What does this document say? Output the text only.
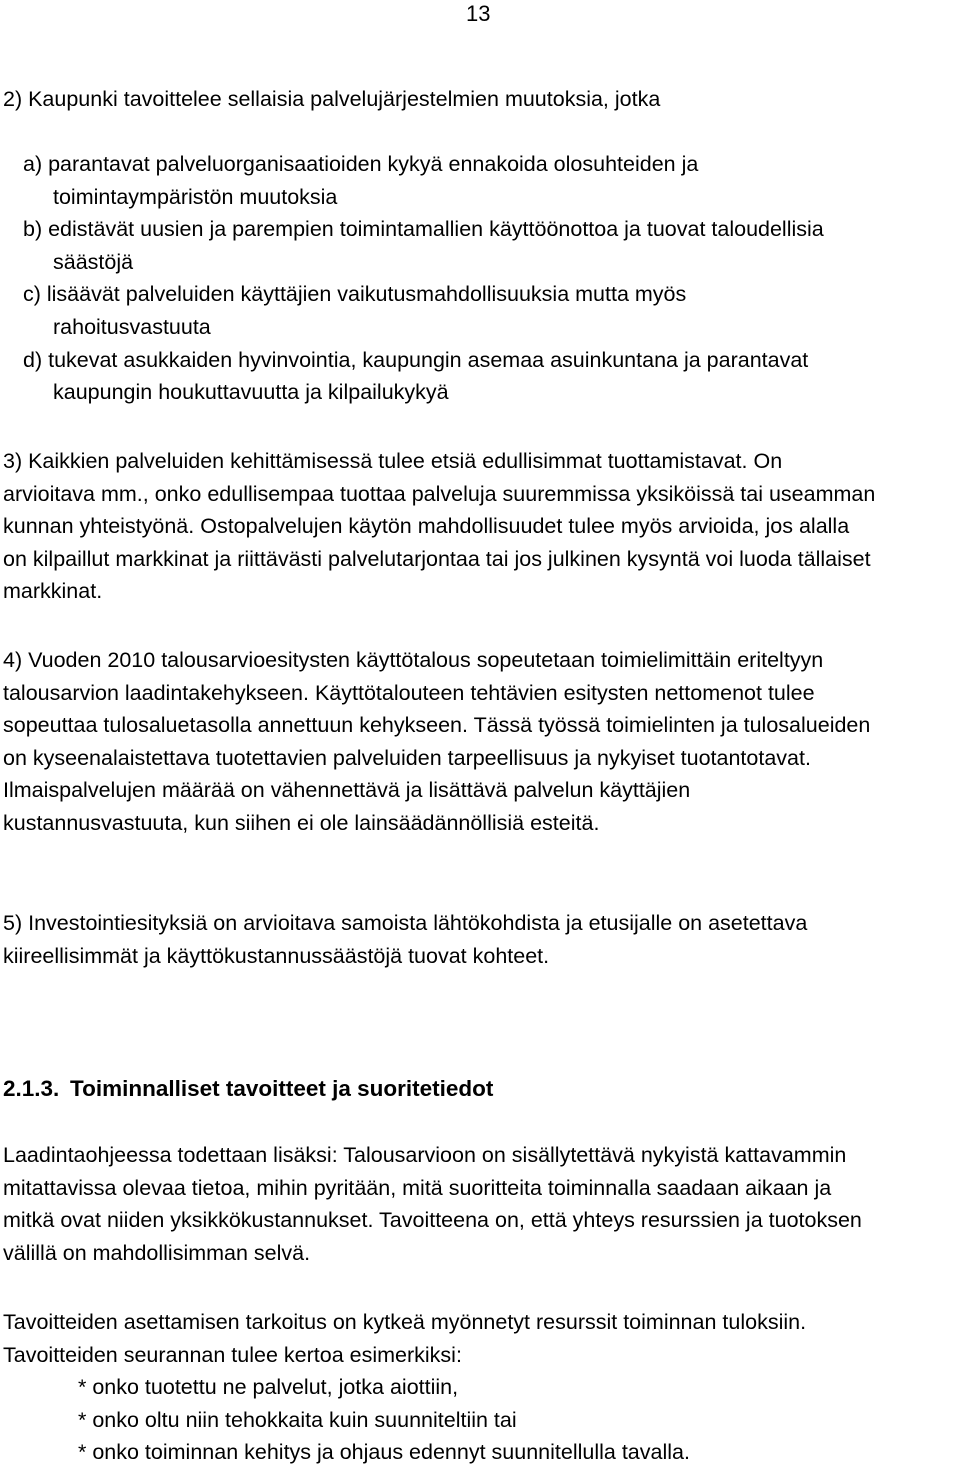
13
2) Kaupunki tavoittelee sellaisia palvelujärjestelmien muutoksia, jotka
a) parantavat palveluorganisaatioiden kykyä ennakoida olosuhteiden ja
toimintaympäristön muutoksia
b) edistävät uusien ja parempien toimintamallien käyttöönottoa ja tuovat taloudellisia
säästöjä
c) lisäävät palveluiden käyttäjien vaikutusmahdollisuuksia mutta myös
rahoitusvastuuta
d) tukevat asukkaiden hyvinvointia, kaupungin asemaa asuinkuntana ja parantavat
kaupungin houkuttavuutta ja kilpailukykyä
3) Kaikkien palveluiden kehittämisessä tulee etsiä edullisimmat tuottamistavat. On
arvioitava mm., onko edullisempaa tuottaa palveluja suuremmissa yksiköissä tai useamman
kunnan yhteistyönä. Ostopalvelujen käytön mahdollisuudet tulee myös arvioida, jos alalla
on kilpaillut markkinat ja riittävästi palvelutarjontaa tai jos julkinen kysyntä voi luoda tällaiset
markkinat.
4) Vuoden 2010 talousarvioesitysten käyttötalous sopeutetaan toimielimittäin eriteltyyn
talousarvion laadintakehykseen. Käyttötalouteen tehtävien esitysten nettomenot tulee
sopeuttaa tulosaluetasolla annettuun kehykseen. Tässä työssä toimielinten ja tulosalueiden
on kyseenalaistettava tuotettavien palveluiden tarpeellisuus ja nykyiset tuotantotavat.
Ilmaispalvelujen määrää on vähennettävä ja lisättävä palvelun käyttäjien
kustannusvastuuta, kun siihen ei ole lainsäädännöllisiä esteitä.
5) Investointiesityksiä on arvioitava samoista lähtökohdista ja etusijalle on asetettava
kiireellisimmät ja käyttökustannussäästöjä tuovat kohteet.
2.1.3. Toiminnalliset tavoitteet ja suoritetiedot
Laadintaohjeessa todettaan lisäksi: Talousarvioon on sisällytettävä nykyistä kattavammin
mitattavissa olevaa tietoa, mihin pyritään, mitä suoritteita toiminnalla saadaan aikaan ja
mitkä ovat niiden yksikkökustannukset. Tavoitteena on, että yhteys resurssien ja tuotoksen
välillä on mahdollisimman selvä.
Tavoitteiden asettamisen tarkoitus on kytkeä myönnetyt resurssit toiminnan tuloksiin.
Tavoitteiden seurannan tulee kertoa esimerkiksi:
* onko tuotettu ne palvelut, jotka aiottiin,
* onko oltu niin tehokkaita kuin suunniteltiin tai
* onko toiminnan kehitys ja ohjaus edennyt suunnitellulla tavalla.
